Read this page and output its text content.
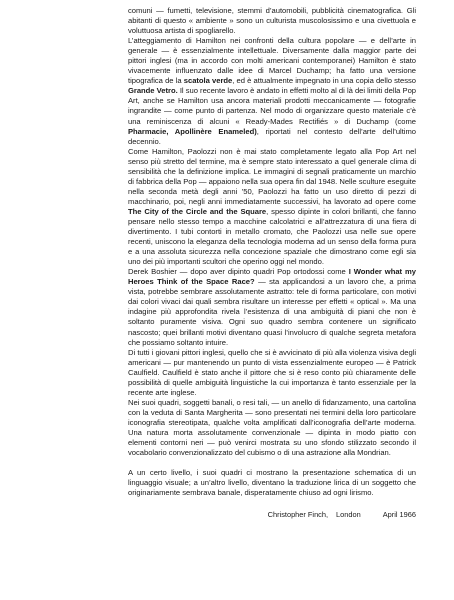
comuni — fumetti, televisione, stemmi d’automobili, pubblicità cinematografica. Gli abitanti di questo « ambiente » sono un culturista muscolosissimo e una civettuola e voluttuosa artista di spogliarello.

L’atteggiamento di Hamilton nei confronti della cultura popolare — e dell’arte in generale — è essenzialmente intellettuale. Diversamente dalla maggior parte dei pittori inglesi (ma in accordo con molti americani contemporanei) Hamilton è stato vivacemente influenzato dalle idee di Marcel Duchamp; ha fatto una versione tipografica de la scatola verde, ed è attualmente impegnato in una copia dello stesso Grande Vetro. Il suo recente lavoro è andato in effetti molto al di là dei limiti della Pop Art, anche se Hamilton usa ancora materiali prodotti meccanicamente — fotografie ingrandite — come punto di partenza. Nel modo di organizzare questo materiale c’è una reminiscenza di alcuni « Ready-Mades Rectifiés » di Duchamp (come Pharmacie, Apollinère Enameled), riportati nel contesto dell’arte dell’ultimo decennio.

Come Hamilton, Paolozzi non è mai stato completamente legato alla Pop Art nel senso più stretto del termine, ma è sempre stato interessato a quel generale clima di sensibilità che la definizione implica. Le immagini di segnali praticamente un marchio di fabbrica della Pop — appaiono nella sua opera fin dal 1948. Nelle sculture eseguite nella seconda metà degli anni ’50, Paolozzi ha fatto un uso diretto di pezzi di macchinario, poi, negli anni immediatamente successivi, ha lavorato ad opere come The City of the Circle and the Square, spesso dipinte in colori brillanti, che fanno pensare nello stesso tempo a macchine calcolatrici e all’attrezzatura di una fiera di divertimento. I tubi contorti in metallo cromato, che Paolozzi usa nelle sue opere recenti, uniscono la eleganza della tecnologia moderna ad un senso della forma pura e a una assoluta sicurezza nella concezione spaziale che dimostrano come egli sia uno dei più importanti scultori che operino oggi nel mondo.

Derek Boshier — dopo aver dipinto quadri Pop ortodossi come I Wonder what my Heroes Think of the Space Race? — sta applicandosi a un lavoro che, a prima vista, potrebbe sembrare assolutamente astratto: tele di forma particolare, con motivi dai colori vivaci dai quali sembra risultare un interesse per effetti « optical ». Ma una indagine più approfondita rivela l’esistenza di una ambiguità di piani che non è soltanto puramente visiva. Ogni suo quadro sembra contenere un significato nascosto; quei brillanti motivi diventano quasi l’involucro di qualche segreta metafora che possiamo soltanto intuire.

Di tutti i giovani pittori inglesi, quello che si è avvicinato di più alla violenza visiva degli americani — pur mantenendo un punto di vista essenzialmente europeo — è Patrick Caulfield. Caulfield è stato anche il pittore che si è reso conto più chiaramente delle possibilità di quelle ambiguità linguistiche la cui importanza è tanto essenziale per la recente arte inglese.

Nei suoi quadri, soggetti banali, o resi tali, — un anello di fidanzamento, una cartolina con la veduta di Santa Margherita — sono presentati nei termini della loro particolare iconografia stereotipata, qualche volta amplificati dall’iconografia dell’arte moderna. Una natura morta assolutamente convenzionale — dipinta in modo piatto con elementi contorni neri — può venirci mostrata su uno sfondo stilizzato secondo il vocabolario convenzionalizzato del cubismo o di una astrazione alla Mondrian.

A un certo livello, i suoi quadri ci mostrano la presentazione schematica di un linguaggio visuale; a un’altro livello, diventano la traduzione lirica di un soggetto che originariamente sembrava banale, disperatamente chiuso ad ogni lirismo.

Christopher Finch, London	April 1966
